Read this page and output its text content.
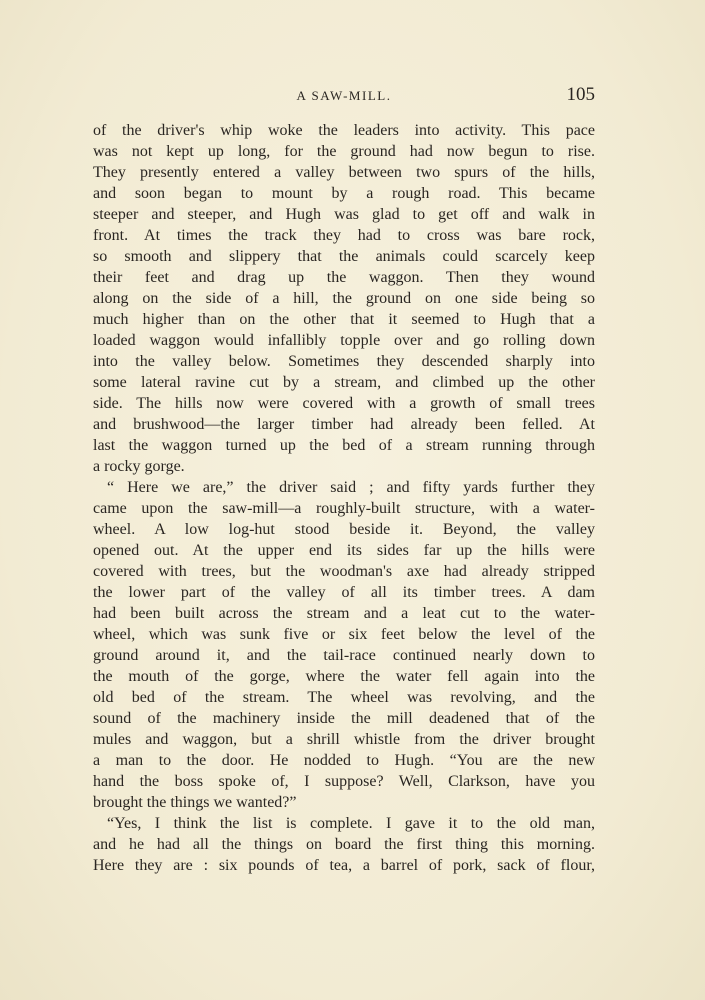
A SAW-MILL.	105
of the driver's whip woke the leaders into activity. This pace
was not kept up long, for the ground had now begun to rise.
They presently entered a valley between two spurs of the hills,
and soon began to mount by a rough road. This became
steeper and steeper, and Hugh was glad to get off and walk in
front. At times the track they had to cross was bare rock,
so smooth and slippery that the animals could scarcely keep
their feet and drag up the waggon. Then they wound
along on the side of a hill, the ground on one side being so
much higher than on the other that it seemed to Hugh that a
loaded waggon would infallibly topple over and go rolling down
into the valley below. Sometimes they descended sharply into
some lateral ravine cut by a stream, and climbed up the other
side. The hills now were covered with a growth of small trees
and brushwood—the larger timber had already been felled. At
last the waggon turned up the bed of a stream running through
a rocky gorge.
“ Here we are,” the driver said ; and fifty yards further they
came upon the saw-mill—a roughly-built structure, with a water-
wheel. A low log-hut stood beside it. Beyond, the valley
opened out. At the upper end its sides far up the hills were
covered with trees, but the woodman's axe had already stripped
the lower part of the valley of all its timber trees. A dam
had been built across the stream and a leat cut to the water-
wheel, which was sunk five or six feet below the level of the
ground around it, and the tail-race continued nearly down to
the mouth of the gorge, where the water fell again into the
old bed of the stream. The wheel was revolving, and the
sound of the machinery inside the mill deadened that of the
mules and waggon, but a shrill whistle from the driver brought
a man to the door. He nodded to Hugh. “You are the new
hand the boss spoke of, I suppose? Well, Clarkson, have you
brought the things we wanted?”
“Yes, I think the list is complete. I gave it to the old man,
and he had all the things on board the first thing this morning.
Here they are : six pounds of tea, a barrel of pork, sack of flour,
